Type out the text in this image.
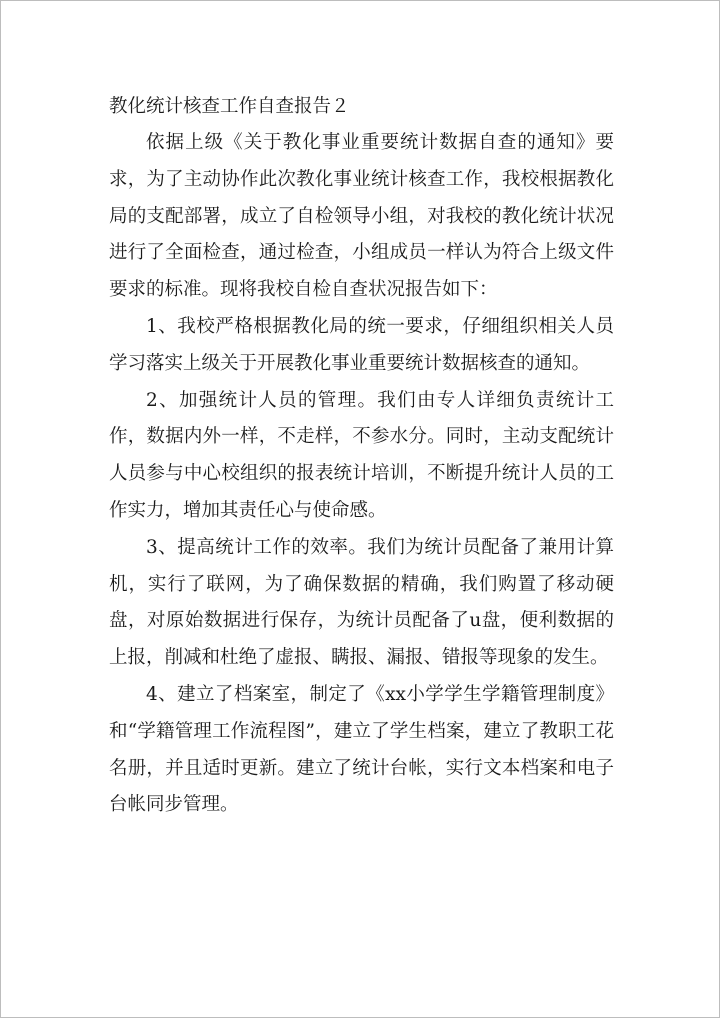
教化统计核查工作自查报告２

依据上级《关于教化事业重要统计数据自查的通知》要求，为了主动协作此次教化事业统计核查工作，我校根据教化局的支配部署，成立了自检领导小组，对我校的教化统计状况进行了全面检查，通过检查，小组成员一样认为符合上级文件要求的标准。现将我校自检自查状况报告如下：

1、我校严格根据教化局的统一要求，仔细组织相关人员学习落实上级关于开展教化事业重要统计数据核查的通知。

2、加强统计人员的管理。我们由专人详细负责统计工作，数据内外一样，不走样，不参水分。同时，主动支配统计人员参与中心校组织的报表统计培训，不断提升统计人员的工作实力，增加其责任心与使命感。

3、提高统计工作的效率。我们为统计员配备了兼用计算机，实行了联网，为了确保数据的精确，我们购置了移动硬盘，对原始数据进行保存，为统计员配备了u盘，便利数据的上报，削减和杜绝了虚报、瞒报、漏报、错报等现象的发生。

4、建立了档案室，制定了《xx小学学生学籍管理制度》和“学籍管理工作流程图”，建立了学生档案，建立了教职工花名册，并且适时更新。建立了统计台帐，实行文本档案和电子台帐同步管理。
